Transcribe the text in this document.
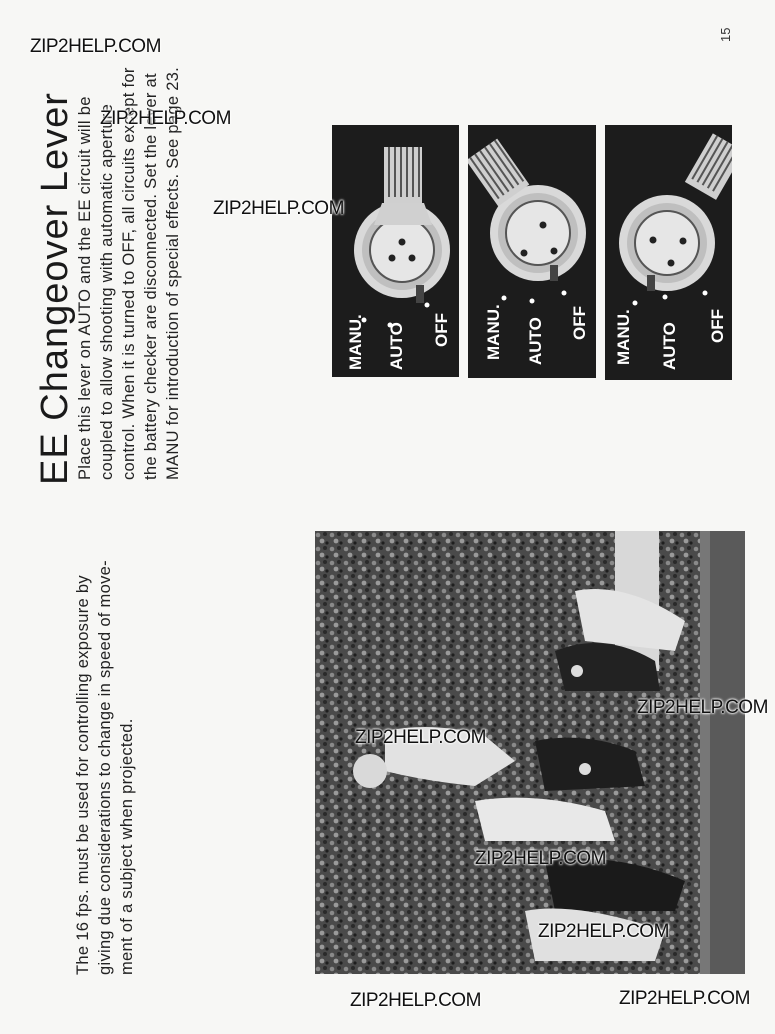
15
EE Changeover Lever Place this lever on AUTO and the EE circuit will be coupled to allow shooting with automatic aperture control. When it is turned to OFF, all circuits except for the battery checker are disconnected. Set the lever at MANU for introduction of special effects. See page 23.
The 16 fps. must be used for controlling exposure by giving due considerations to change in speed of move- ment of a subject when projected.
MANU. AUTO OFF MANU. AUTO OFF MANU. AUTO OFF
ZIP2HELP.COM
ZIP2HELP.COM
ZIP2HELP.COM
ZIP2HELP.COM
ZIP2HELP.COM
ZIP2HELP.COM
ZIP2HELP.COM
ZIP2HELP.COM	ZIP2HELP.COM
